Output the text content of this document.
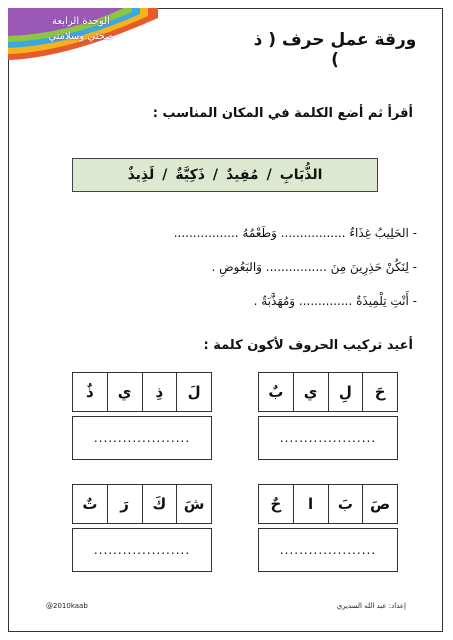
الوحدة الرابعة
صحتي وسلامتي	ورقة عمل حرف ( ذ )
أقرأ ثم أضع الكلمة في المكان المناسب :
الذُّبَابِ
/
مُفِيدٌ
/
ذَكِيَّةٌ
/
لَذِيذٌ
- الحَلِيبُ غِذَاءٌ ................. وَطَعْمُهُ .................
- لِنَكُنْ حَذِرِينَ مِنَ ................ وَالبَعُوضِ .
- أَنْتِ تِلْمِيذَةٌ .............. وَمُهَذَّبَةٌ .
أعيد تركيب الحروف لأكون كلمة :
حَ
لِ
ي
بٌ
....................
لَ
ذِ
ي
ذٌ
....................
صَ
بَ
ا
حٌ
....................
شَ
كَ
رَ
تٌ
....................
@2010kaab	إعداد: عبد الله السديري
